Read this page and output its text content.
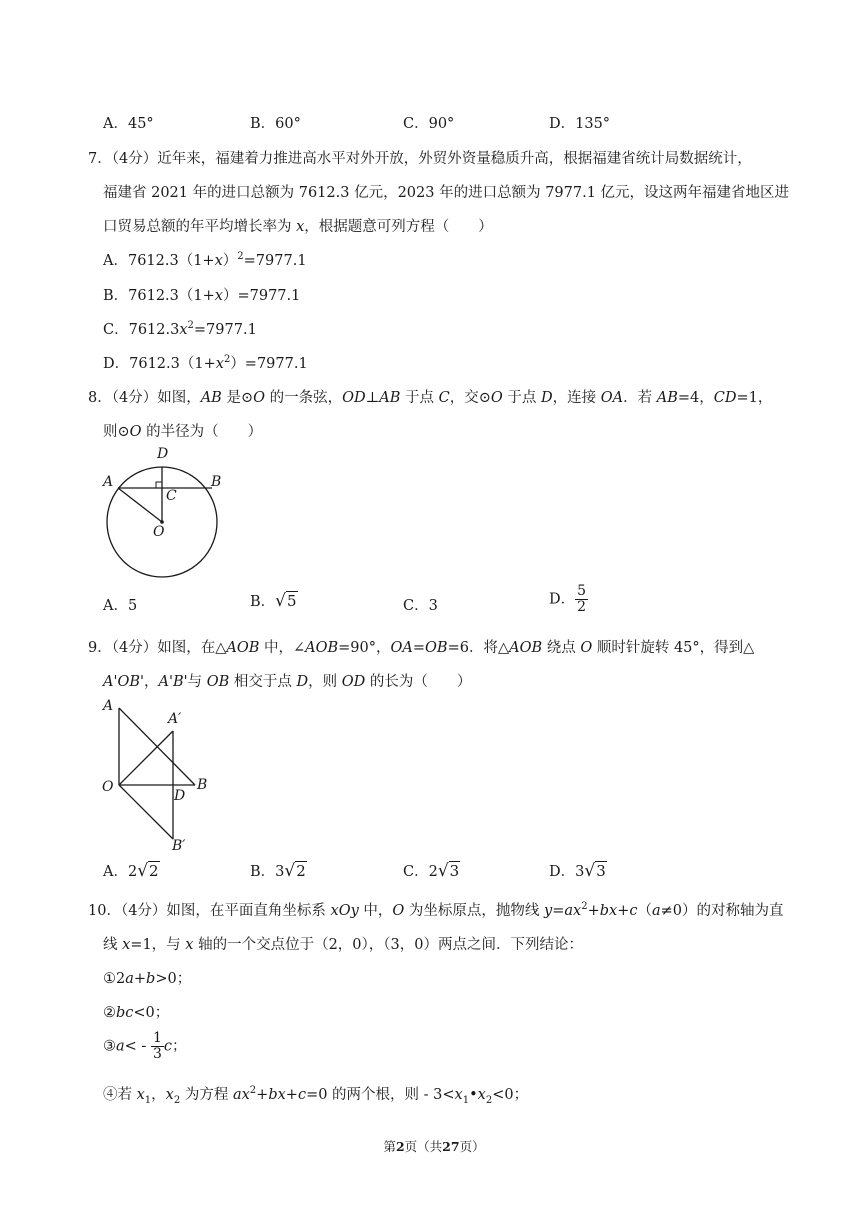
A．45°	B．60°	C．90°	D．135°
7．（4分）近年来，福建着力推进高水平对外开放，外贸外资量稳质升高，根据福建省统计局数据统计，
福建省 2021 年的进口总额为 7612.3 亿元，2023 年的进口总额为 7977.1 亿元，设这两年福建省地区进
口贸易总额的年平均增长率为 x，根据题意可列方程（　　）
A．$7612.3(1+x)^2=7977.1$
B．7612.3（1+x）=7977.1
C．$7612.3x^2=7977.1$
D．$7612.3(1+x^2)=7977.1$
8．（4分）如图，AB 是⊙O 的一条弦，OD⊥AB 于点 C，交⊙O 于点 D，连接 OA．若 AB=4，CD=1，
则⊙O 的半径为（　　）
A	B
C
D
O
A．5	B．√5	C．3	D． $\frac{5}{2}$
9．（4分）如图，在△AOB 中，∠AOB=90°，OA=OB=6．将△AOB 绕点 O 顺时针旋转 45°，得到△
A'OB'，A'B'与 OB 相交于点 D，则 OD 的长为（　　）
A
A′
O	B
D
B′
A．2√2	B．3√2	C．2√3	D．3√3
10．（4分）如图，在平面直角坐标系 xOy 中，O 为坐标原点，抛物线 $y=ax^2+bx+c(a\ne 0)$的对称轴为直
线 x=1，与 x 轴的一个交点位于（2，0），（3，0）两点之间．下列结论：
①2a+b>0；
②bc<0；
③a< - $\frac{1}{3}$ c；
④若 $x_1$，$x_2$ 为方程 $ax^2+bx+c=0$ 的两个根，则 - $3<x_1•x_2<0$；
第2页（共27页）
